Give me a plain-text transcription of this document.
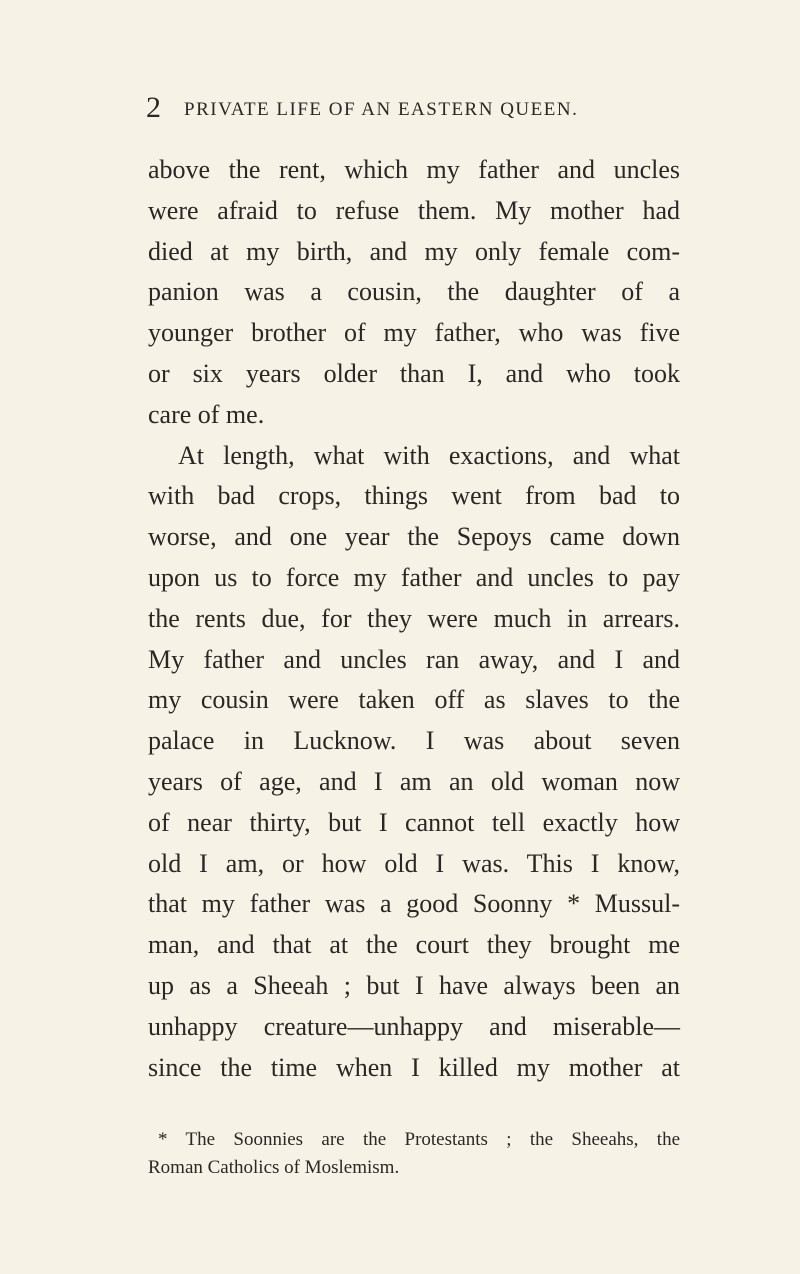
2 PRIVATE LIFE OF AN EASTERN QUEEN.
above the rent, which my father and uncles
were afraid to refuse them. My mother had
died at my birth, and my only female com-
panion was a cousin, the daughter of a
younger brother of my father, who was five
or six years older than I, and who took
care of me.
At length, what with exactions, and what
with bad crops, things went from bad to
worse, and one year the Sepoys came down
upon us to force my father and uncles to pay
the rents due, for they were much in arrears.
My father and uncles ran away, and I and
my cousin were taken off as slaves to the
palace in Lucknow. I was about seven
years of age, and I am an old woman now
of near thirty, but I cannot tell exactly how
old I am, or how old I was. This I know,
that my father was a good Soonny * Mussul-
man, and that at the court they brought me
up as a Sheeah ; but I have always been an
unhappy creature—unhappy and miserable—
since the time when I killed my mother at
* The Soonnies are the Protestants ; the Sheeahs, the
Roman Catholics of Moslemism.
